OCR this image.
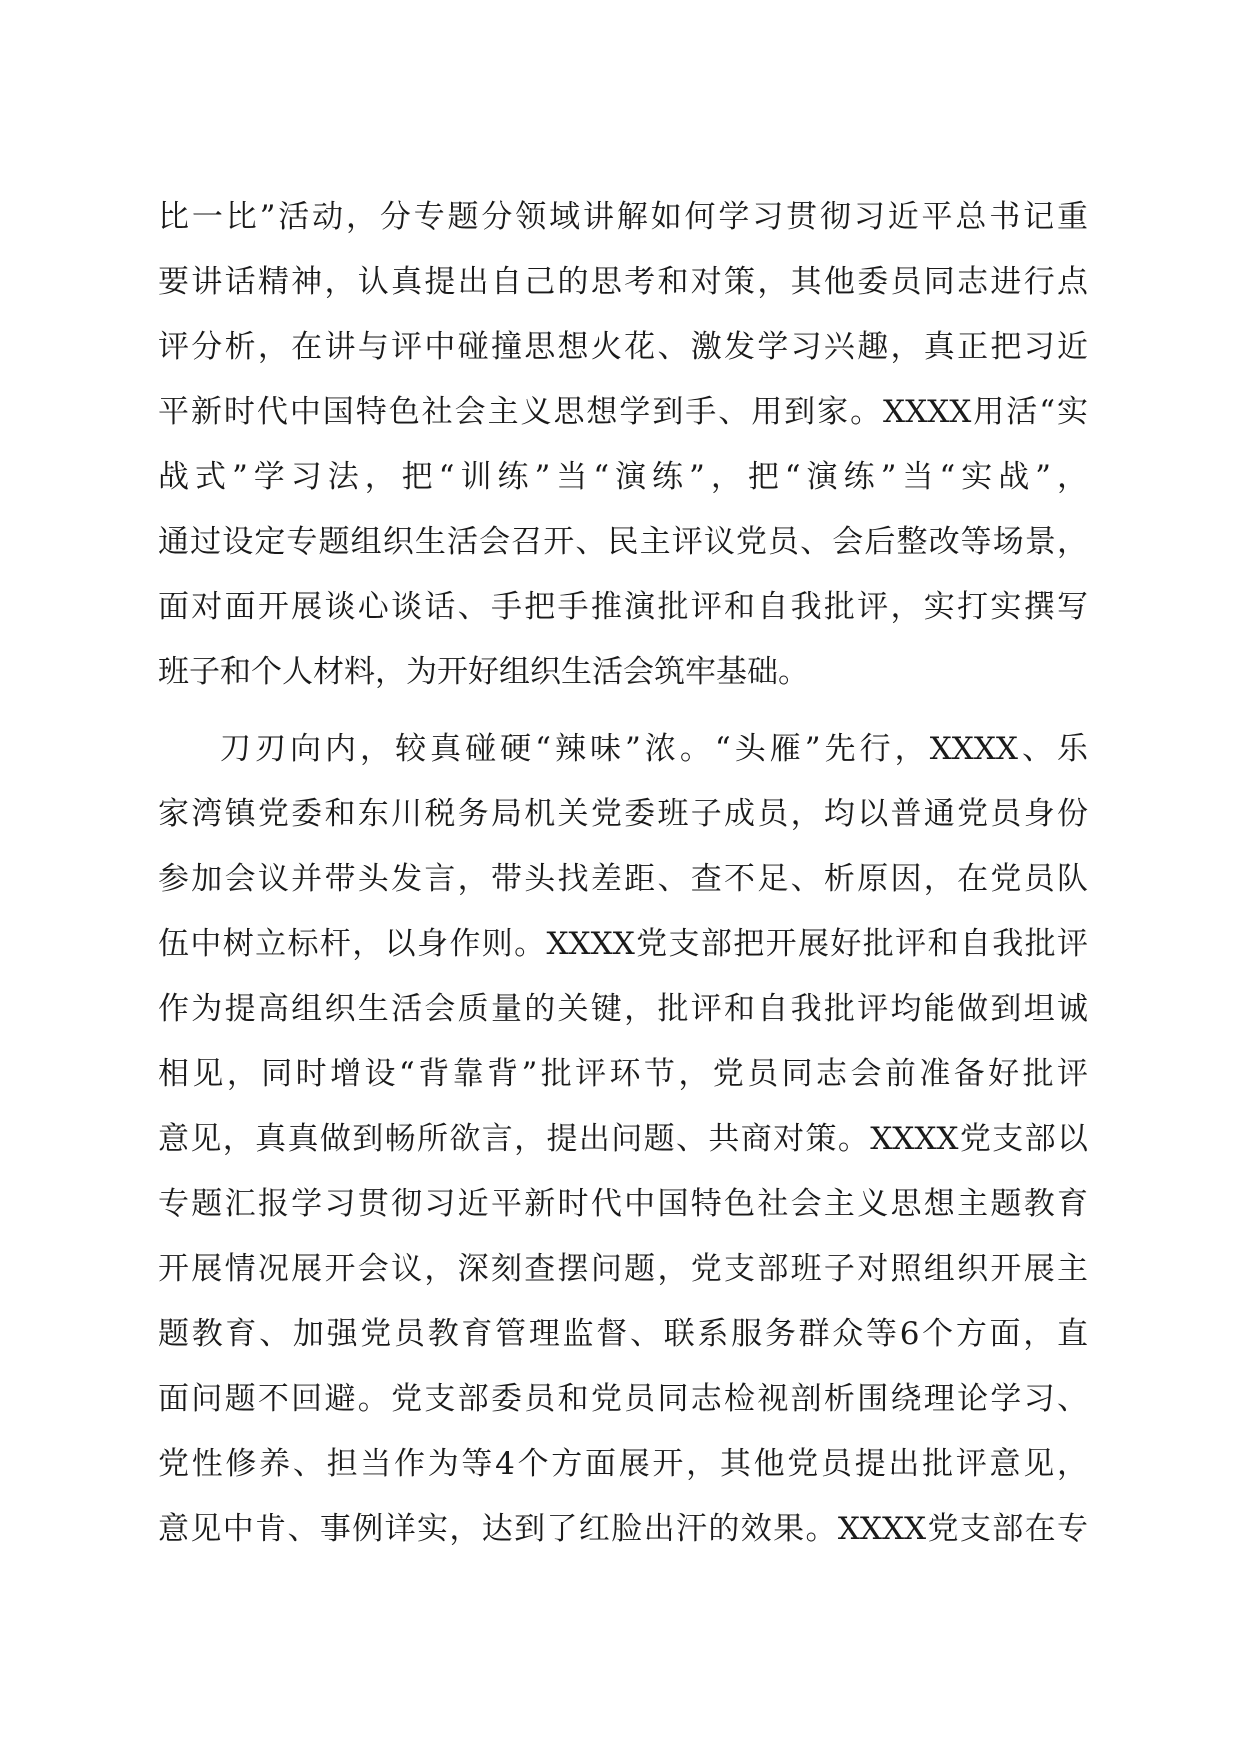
比一比”活动，分专题分领域讲解如何学习贯彻习近平总书记重
要讲话精神，认真提出自己的思考和对策，其他委员同志进行点
评分析，在讲与评中碰撞思想火花、激发学习兴趣，真正把习近
平新时代中国特色社会主义思想学到手、用到家。XXXX用活“实
战式”学习法，把“训练”当“演练”，把“演练”当“实战”，
通过设定专题组织生活会召开、民主评议党员、会后整改等场景，
面对面开展谈心谈话、手把手推演批评和自我批评，实打实撰写
班子和个人材料，为开好组织生活会筑牢基础。
刀刃向内，较真碰硬“辣味”浓。“头雁”先行，XXXX、乐
家湾镇党委和东川税务局机关党委班子成员，均以普通党员身份
参加会议并带头发言，带头找差距、查不足、析原因，在党员队
伍中树立标杆，以身作则。XXXX党支部把开展好批评和自我批评
作为提高组织生活会质量的关键，批评和自我批评均能做到坦诚
相见，同时增设“背靠背”批评环节，党员同志会前准备好批评
意见，真真做到畅所欲言，提出问题、共商对策。XXXX党支部以
专题汇报学习贯彻习近平新时代中国特色社会主义思想主题教育
开展情况展开会议，深刻查摆问题，党支部班子对照组织开展主
题教育、加强党员教育管理监督、联系服务群众等6个方面，直
面问题不回避。党支部委员和党员同志检视剖析围绕理论学习、
党性修养、担当作为等4个方面展开，其他党员提出批评意见，
意见中肯、事例详实，达到了红脸出汗的效果。XXXX党支部在专
